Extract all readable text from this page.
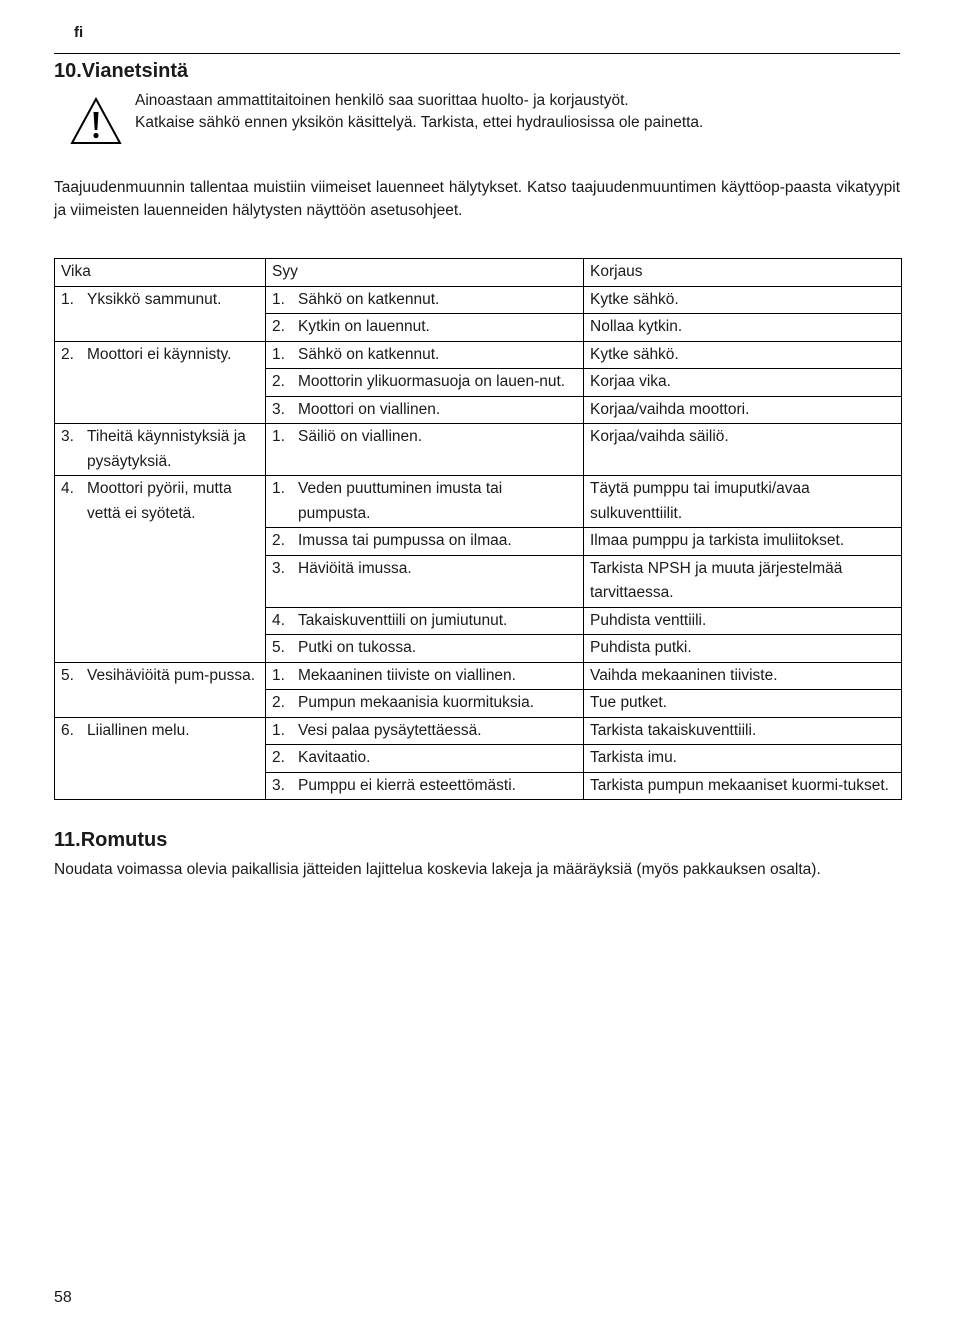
fi
10.Vianetsintä
Ainoastaan ammattitaitoinen henkilö saa suorittaa huolto- ja korjaustyöt.
Katkaise sähkö ennen yksikön käsittelyä. Tarkista, ettei hydrauliosissa ole painetta.
Taajuudenmuunnin tallentaa muistiin viimeiset lauenneet hälytykset. Katso taajuudenmuuntimen käyttöop-paasta vikatyypit ja viimeisten lauenneiden hälytysten näyttöön asetusohjeet.
Vika	Syy	Korjaus

1. Yksikkö sammunut.	1. Sähkö on katkennut.	Kytke sähkö.

	2. Kytkin on lauennut.	Nollaa kytkin.

2. Moottori ei käynnisty.	1. Sähkö on katkennut.	Kytke sähkö.

	2. Moottorin ylikuormasuoja on lauen-nut.	Korjaa vika.

	3. Moottori on viallinen.	Korjaa/vaihda moottori.

3. Tiheitä käynnistyksiä ja pysäytyksiä.	1. Säiliö on viallinen.	Korjaa/vaihda säiliö.

4. Moottori pyörii, mutta vettä ei syötetä.	1. Veden puuttuminen imusta tai pumpusta.	Täytä pumppu tai imuputki/avaa sulkuventtiilit.

	2. Imussa tai pumpussa on ilmaa.	Ilmaa pumppu ja tarkista imuliitokset.

	3. Häviöitä imussa.	Tarkista NPSH ja muuta järjestelmää tarvittaessa.

	4. Takaiskuventtiili on jumiutunut.	Puhdista venttiili.

	5. Putki on tukossa.	Puhdista putki.

5. Vesihäviöitä pum-pussa.	1. Mekaaninen tiiviste on viallinen.	Vaihda mekaaninen tiiviste.

	2. Pumpun mekaanisia kuormituksia.	Tue putket.

6. Liiallinen melu.	1. Vesi palaa pysäytettäessä.	Tarkista takaiskuventtiili.

	2. Kavitaatio.	Tarkista imu.

	3. Pumppu ei kierrä esteettömästi.	Tarkista pumpun mekaaniset kuormi-tukset.
11.Romutus
Noudata voimassa olevia paikallisia jätteiden lajittelua koskevia lakeja ja määräyksiä (myös pakkauksen osalta).
58
